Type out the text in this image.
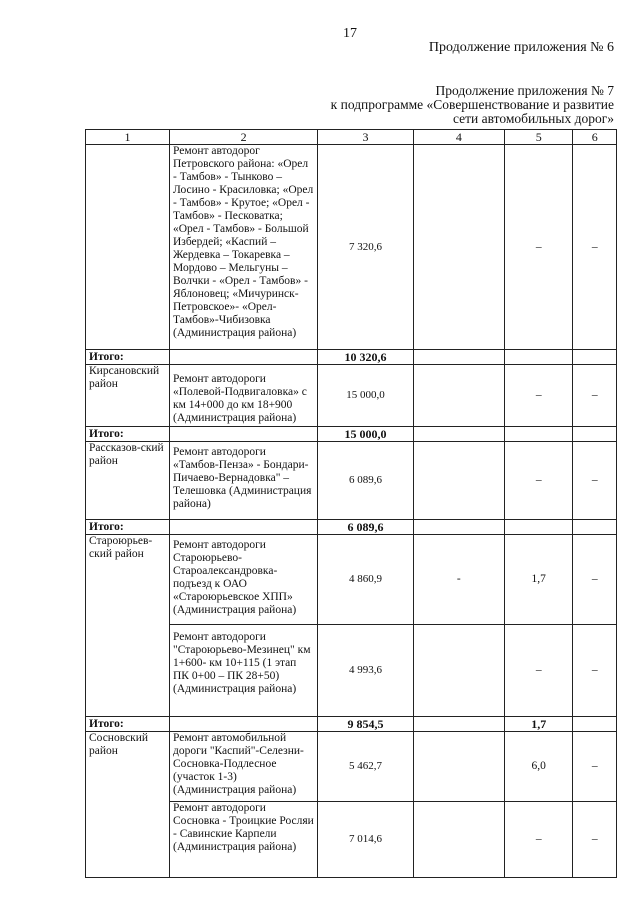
17
Продолжение приложения № 6
Продолжение приложения № 7
к подпрограмме «Совершенствование и развитие
сети автомобильных дорог»
1	2	3	4	5	6
	Ремонт автодорог Петровского района: «Орел - Тамбов» - Тынково – Лосино - Красиловка; «Орел - Тамбов» - Крутое; «Орел - Тамбов» - Песковатка; «Орел - Тамбов» - Большой Избердей; «Каспий – Жердевка – Токаревка – Мордово – Мельгуны – Волчки - «Орел - Тамбов» - Яблоновец; «Мичуринск-Петровское»- «Орел-Тамбов»-Чибизовка (Администрация района)	7 320,6		–	–
Итого:		10 320,6			
Кирсановский район	Ремонт автодороги «Полевой-Подвигаловка» с км 14+000 до км 18+900 (Администрация района)	15 000,0		–	–
Итого:		15 000,0			
Рассказов-ский район	Ремонт автодороги «Тамбов-Пенза» - Бондари-Пичаево-Вернадовка" – Телешовка (Администрация района)	6 089,6		–	–
Итого:		6 089,6			
Староюрьев-ский район	Ремонт автодороги Староюрьево-Староалександровка-подъезд к ОАО «Староюрьевское ХПП» (Администрация района)	4 860,9	-	1,7	–
	Ремонт автодороги "Староюрьево-Мезинец" км 1+600- км 10+115 (1 этап ПК 0+00 – ПК 28+50) (Администрация района)	4 993,6		–	–
Итого:		9 854,5		1,7	
Сосновский район	Ремонт автомобильной дороги "Каспий"-Селезни-Сосновка-Подлесное (участок 1-3) (Администрация района)	5 462,7		6,0	–
	Ремонт автодороги Сосновка - Троицкие Росляи - Савинские Карпели (Администрация района)	7 014,6		–	–
